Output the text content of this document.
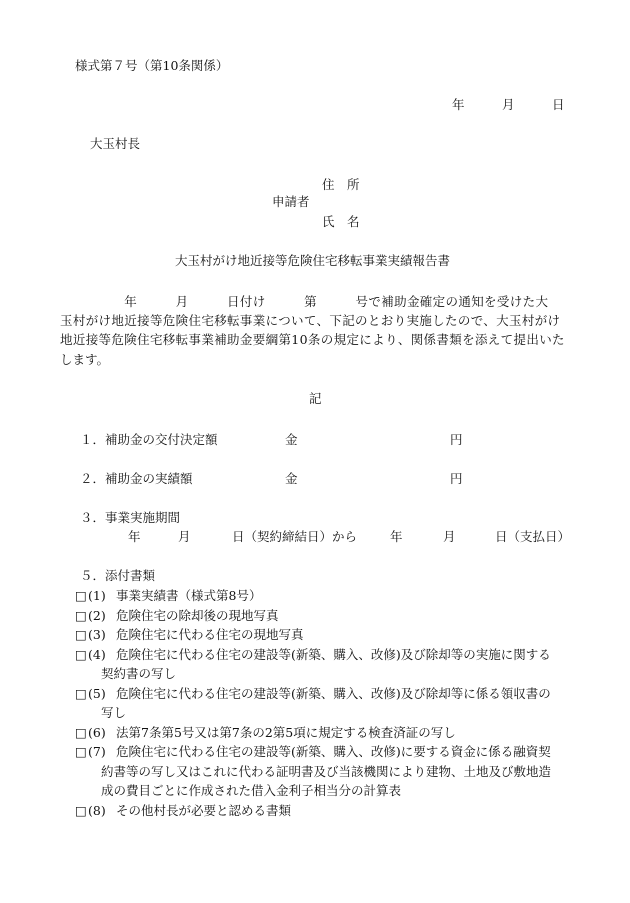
様式第７号（第10条関係）
年　　　月　　　日
大玉村長
住　所
申請者
氏　名
大玉村がけ地近接等危険住宅移転事業実績報告書
　　　　　年　　　月　　　日付け　　　第　　　号で補助金確定の通知を受けた大
玉村がけ地近接等危険住宅移転事業について、下記のとおり実施したので、大玉村がけ
地近接等危険住宅移転事業補助金要綱第10条の規定により、関係書類を添えて提出いた
します。
記
１．補助金の交付決定額	金	円
２．補助金の実績額	金	円
３．事業実施期間
年	月	日（契約締結日）から	年	月	日（支払日）
５．添付書類
□(1) 事業実績書（様式第8号）
□(2) 危険住宅の除却後の現地写真
□(3) 危険住宅に代わる住宅の現地写真
□(4) 危険住宅に代わる住宅の建設等(新築、購入、改修)及び除却等の実施に関する
契約書の写し
□(5) 危険住宅に代わる住宅の建設等(新築、購入、改修)及び除却等に係る領収書の
写し
□(6) 法第7条第5号又は第7条の2第5項に規定する検査済証の写し
□(7) 危険住宅に代わる住宅の建設等(新築、購入、改修)に要する資金に係る融資契
約書等の写し又はこれに代わる証明書及び当該機関により建物、土地及び敷地造
成の費目ごとに作成された借入金利子相当分の計算表
□(8) その他村長が必要と認める書類
